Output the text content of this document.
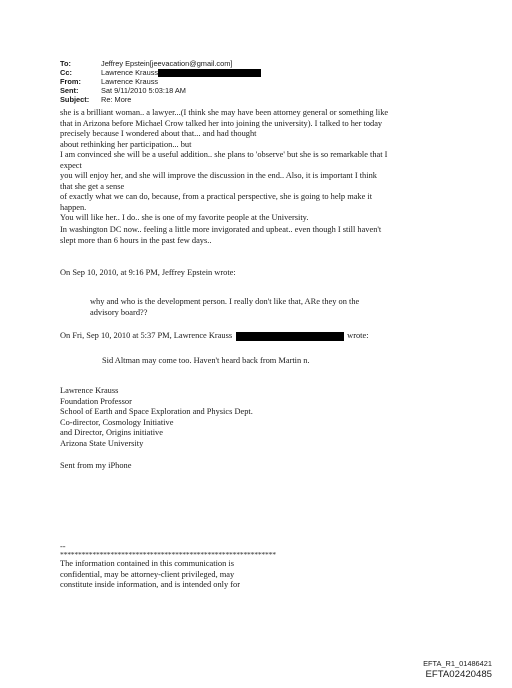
To:	Jeffrey Epstein[jeevacation@gmail.com]
Cc:	Lawrence Krauss
From:	Lawrence Krauss
Sent:	Sat 9/11/2010 5:03:18 AM
Subject:	Re: More
she is a brilliant woman.. a lawyer...(I think she may have been attorney general or something like
that in Arizona before Michael Crow talked her into joining the university). I talked to her today
precisely because I wondered about that... and had thought
about rethinking her participation... but
I am convinced she will be a useful addition.. she plans to 'observe' but she is so remarkable that I
expect
you will enjoy her, and she will improve the discussion in the end.. Also, it is important I think
that she get a sense
of exactly what we can do, because, from a practical perspective, she is going to help make it
happen.
You will like her.. I do.. she is one of my favorite people at the University.
In washington DC now.. feeling a little more invigorated and upbeat.. even though I still haven't
slept more than 6 hours in the past few days..
On Sep 10, 2010, at 9:16 PM, Jeffrey Epstein wrote:
why and who is the development person. I really don't like that, ARe they on the
advisory board??
On Fri, Sep 10, 2010 at 5:37 PM, Lawrence Krauss	wrote:
Sid Altman may come too. Haven't heard back from Martin n.
Lawrence Krauss
Foundation Professor
School of Earth and Space Exploration and Physics Dept.
Co-director, Cosmology Initiative
and Director, Origins initiative
Arizona State University
Sent from my iPhone
--
************************************************************
The information contained in this communication is
confidential, may be attorney-client privileged, may
constitute inside information, and is intended only for
EFTA_R1_01486421
EFTA02420485
